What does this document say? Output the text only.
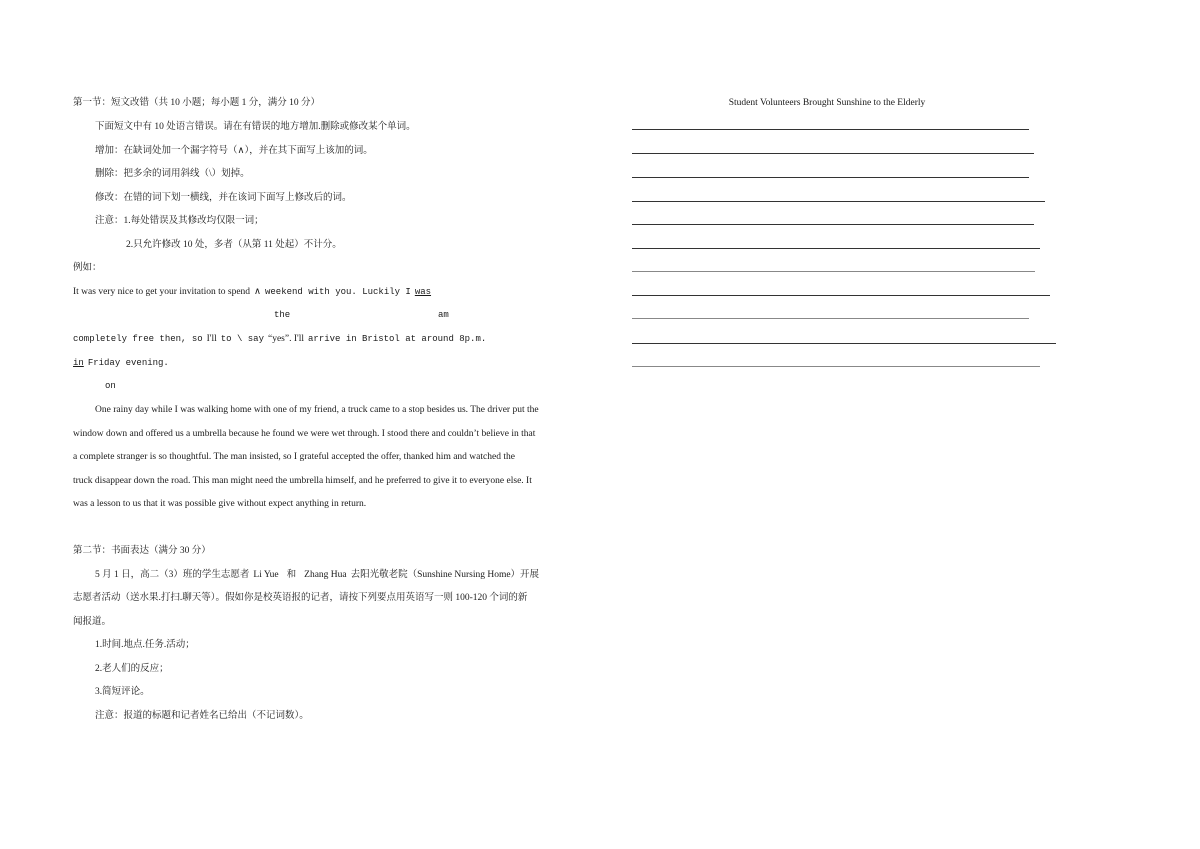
第一节：短文改错（共 10 小题；每小题 1 分，满分 10 分）
下面短文中有 10 处语言错误。请在有错误的地方增加.删除或修改某个单词。
增加：在缺词处加一个漏字符号（∧），并在其下面写上该加的词。
删除：把多余的词用斜线（\）划掉。
修改：在错的词下划一横线，并在该词下面写上修改后的词。
注意：1.每处错误及其修改均仅限一词；
2.只允许修改 10 处，多者（从第 11 处起）不计分。
例如：
It was very nice to get your invitation to spend ∧ weekend with you. Luckily I was
the	am
completely free then, so I'll to \ say “yes”. I'll arrive in Bristol at around 8p.m.
in Friday evening.
on
One rainy day while I was walking home with one of my friend, a truck came to a stop besides us. The driver put the
window down and offered us a umbrella because he found we were wet through. I stood there and couldn’t believe in that
a complete stranger is so thoughtful. The man insisted, so I grateful accepted the offer, thanked him and watched the
truck disappear down the road. This man might need the umbrella himself, and he preferred to give it to everyone else. It
was a lesson to us that it was possible give without expect anything in return.
第二节：书面表达（满分 30 分）
5 月 1 日，高二（3）班的学生志愿者 Li Yue 和 Zhang Hua 去阳光敬老院（Sunshine Nursing Home）开展
志愿者活动（送水果.打扫.聊天等）。假如你是校英语报的记者，请按下列要点用英语写一则 100-120 个词的新
闻报道。
1.时间.地点.任务.活动；
2.老人们的反应；
3.简短评论。
注意：报道的标题和记者姓名已给出（不记词数）。
Student Volunteers Brought Sunshine to the Elderly
